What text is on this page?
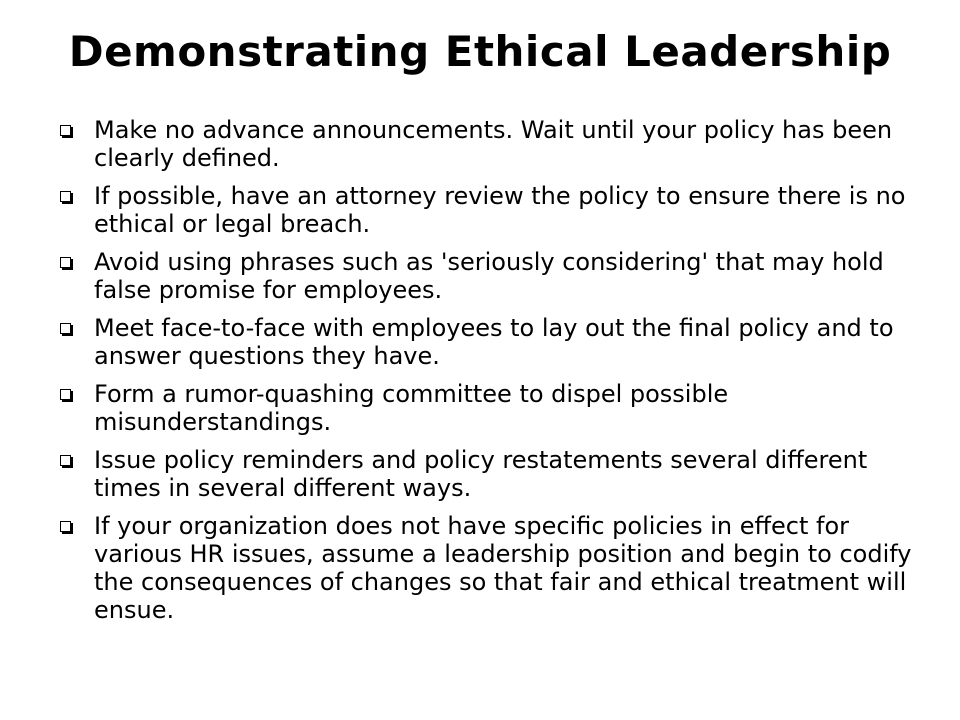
Demonstrating Ethical Leadership
Make no advance announcements. Wait until your policy has been clearly defined.
If possible, have an attorney review the policy to ensure there is no ethical or legal breach.
Avoid using phrases such as 'seriously considering' that may hold false promise for employees.
Meet face-to-face with employees to lay out the final policy and to answer questions they have.
Form a rumor-quashing committee to dispel possible misunderstandings.
Issue policy reminders and policy restatements several different times in several different ways.
If your organization does not have specific policies in effect for various HR issues, assume a leadership position and begin to codify the consequences of changes so that fair and ethical treatment will ensue.
